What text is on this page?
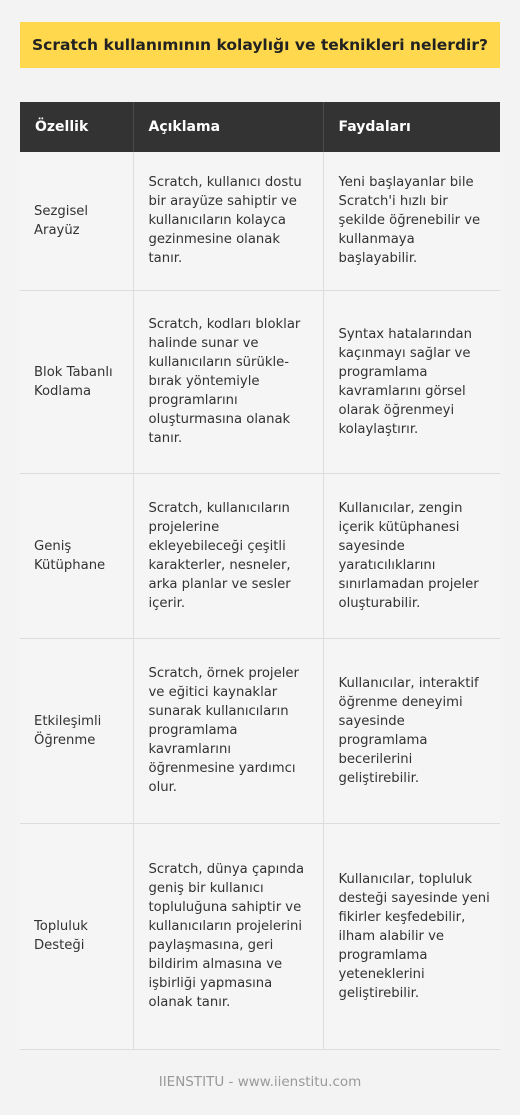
Scratch kullanımının kolaylığı ve teknikleri nelerdir?
Özellik	Açıklama	Faydaları
Sezgisel Arayüz	Scratch, kullanıcı dostu bir arayüze sahiptir ve kullanıcıların kolayca gezinmesine olanak tanır.	Yeni başlayanlar bile Scratch'i hızlı bir şekilde öğrenebilir ve kullanmaya başlayabilir.
Blok Tabanlı Kodlama	Scratch, kodları bloklar halinde sunar ve kullanıcıların sürükle-bırak yöntemiyle programlarını oluşturmasına olanak tanır.	Syntax hatalarından kaçınmayı sağlar ve programlama kavramlarını görsel olarak öğrenmeyi kolaylaştırır.
Geniş Kütüphane	Scratch, kullanıcıların projelerine ekleyebileceği çeşitli karakterler, nesneler, arka planlar ve sesler içerir.	Kullanıcılar, zengin içerik kütüphanesi sayesinde yaratıcılıklarını sınırlamadan projeler oluşturabilir.
Etkileşimli Öğrenme	Scratch, örnek projeler ve eğitici kaynaklar sunarak kullanıcıların programlama kavramlarını öğrenmesine yardımcı olur.	Kullanıcılar, interaktif öğrenme deneyimi sayesinde programlama becerilerini geliştirebilir.
Topluluk Desteği	Scratch, dünya çapında geniş bir kullanıcı topluluğuna sahiptir ve kullanıcıların projelerini paylaşmasına, geri bildirim almasına ve işbirliği yapmasına olanak tanır.	Kullanıcılar, topluluk desteği sayesinde yeni fikirler keşfedebilir, ilham alabilir ve programlama yeteneklerini geliştirebilir.
IIENSTITU - www.iienstitu.com
